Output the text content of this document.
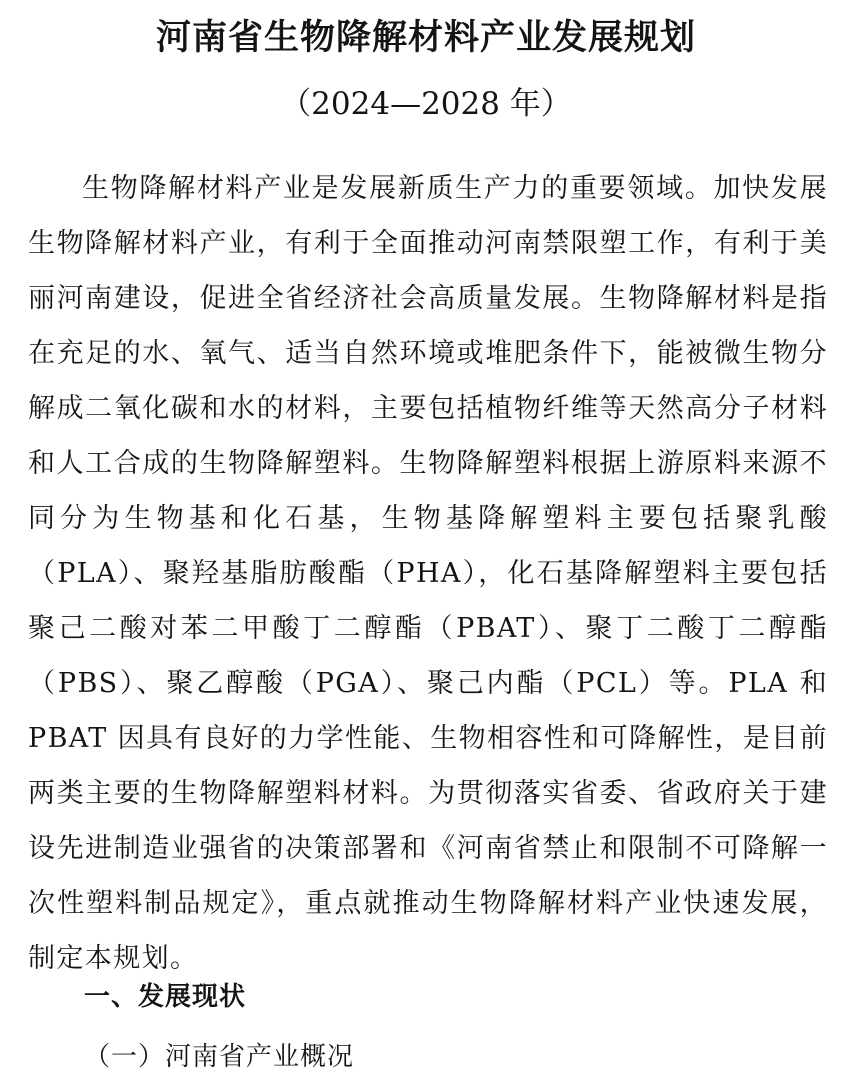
河南省生物降解材料产业发展规划
（2024—2028 年）

生物降解材料产业是发展新质生产力的重要领域。加快发展生物降解材料产业，有利于全面推动河南禁限塑工作，有利于美丽河南建设，促进全省经济社会高质量发展。生物降解材料是指在充足的水、氧气、适当自然环境或堆肥条件下，能被微生物分解成二氧化碳和水的材料，主要包括植物纤维等天然高分子材料和人工合成的生物降解塑料。生物降解塑料根据上游原料来源不同分为生物基和化石基，生物基降解塑料主要包括聚乳酸（PLA）、聚羟基脂肪酸酯（PHA），化石基降解塑料主要包括聚己二酸对苯二甲酸丁二醇酯（PBAT）、聚丁二酸丁二醇酯（PBS）、聚乙醇酸（PGA）、聚己内酯（PCL）等。PLA 和 PBAT 因具有良好的力学性能、生物相容性和可降解性，是目前两类主要的生物降解塑料材料。为贯彻落实省委、省政府关于建设先进制造业强省的决策部署和《河南省禁止和限制不可降解一次性塑料制品规定》，重点就推动生物降解材料产业快速发展，制定本规划。

一、发展现状
（一）河南省产业概况
